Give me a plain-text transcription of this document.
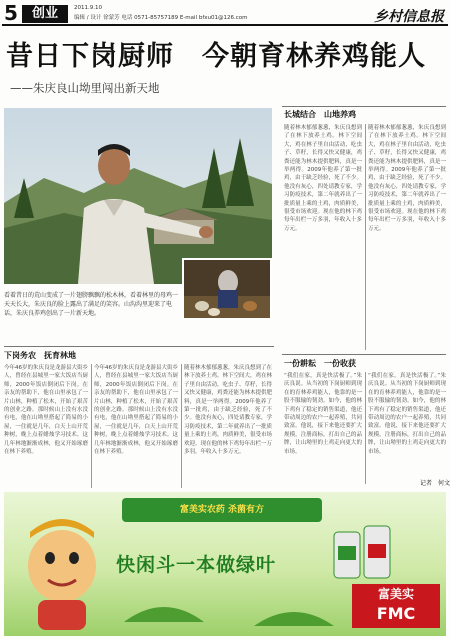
5	创业	2011.9.10
编辑 / 设计 徐蒙芳 电话 0571-85757189 E-mail bfxu01@126.com	乡村信息报
昔日下岗厨师　今朝育林养鸡能人
——朱庆良山坳里闯出新天地
看着昔日的荒山变成了一片翅膀飘飘的松木林，看着林里的母鸡一天天长大，朱庆良的脸上露出了满足的笑容。山沟沟里迎来了电话，朱庆良养鸡创出了一片新天地。
长城结合　山地养鸡
随着林木郁郁葱葱，朱庆良想到了在林下放养土鸡。林下空间大，鸡在林子里自由活动，吃虫子、草籽，长得又快又健康，鸡粪还能为林木提供肥料，真是一举两得。2009年他养了第一批鸡，由于缺乏经验，死了不少。他没有灰心，四处请教专家，学习防疫技术，第二年就养出了一批质量上乘的土鸡，肉质鲜美，很受市场欢迎。现在他的林下鸡每年出栏一万多羽，年收入十多万元。
随着林木郁郁葱葱，朱庆良想到了在林下放养土鸡。林下空间大，鸡在林子里自由活动，吃虫子、草籽，长得又快又健康，鸡粪还能为林木提供肥料，真是一举两得。2009年他养了第一批鸡，由于缺乏经验，死了不少。他没有灰心，四处请教专家，学习防疫技术，第二年就养出了一批质量上乘的土鸡，肉质鲜美，很受市场欢迎。现在他的林下鸡每年出栏一万多羽，年收入十多万元。
下岗务农　抚育林地
今年46岁的朱庆良是龙游县大街乡人，曾经在县城里一家大饭店当厨师，2000年饭店倒闭后下岗。在亲友的帮助下，他在山里承包了一片山林，种植了松木，开始了艰苦的创业之路。那时候山上没有水没有电，他在山坳里搭起了简易的小屋，一住就是几年，白天上山开荒种树，晚上点着蜡烛学习技术。这几年林地渐渐成林，他又开始琢磨在林下养殖。
今年46岁的朱庆良是龙游县大街乡人，曾经在县城里一家大饭店当厨师，2000年饭店倒闭后下岗。在亲友的帮助下，他在山里承包了一片山林，种植了松木，开始了艰苦的创业之路。那时候山上没有水没有电，他在山坳里搭起了简易的小屋，一住就是几年，白天上山开荒种树，晚上点着蜡烛学习技术。这几年林地渐渐成林，他又开始琢磨在林下养殖。
随着林木郁郁葱葱，朱庆良想到了在林下放养土鸡。林下空间大，鸡在林子里自由活动，吃虫子、草籽，长得又快又健康，鸡粪还能为林木提供肥料，真是一举两得。2009年他养了第一批鸡，由于缺乏经验，死了不少。他没有灰心，四处请教专家，学习防疫技术，第二年就养出了一批质量上乘的土鸡，肉质鲜美，很受市场欢迎。现在他的林下鸡每年出栏一万多羽，年收入十多万元。
一份耕耘　一份收获
“我们在家，真是快活极了。”朱庆良说。从当初的下岗厨师到现在的育林养鸡能人，他靠的是一股不服输的韧劲。如今，他的林下鸡有了稳定的销售渠道，他还带动周边的农户一起养殖，共同致富。他说，接下来他还要扩大规模，注册商标，打出自己的品牌，让山坳里的土鸡走向更大的市场。
“我们在家，真是快活极了。”朱庆良说。从当初的下岗厨师到现在的育林养鸡能人，他靠的是一股不服输的韧劲。如今，他的林下鸡有了稳定的销售渠道，他还带动周边的农户一起养殖，共同致富。他说，接下来他还要扩大规模，注册商标，打出自己的品牌，让山坳里的土鸡走向更大的市场。
记者　何文
富美实农药 杀菌有方
快闲斗一本做绿叶
富美实
FMC
